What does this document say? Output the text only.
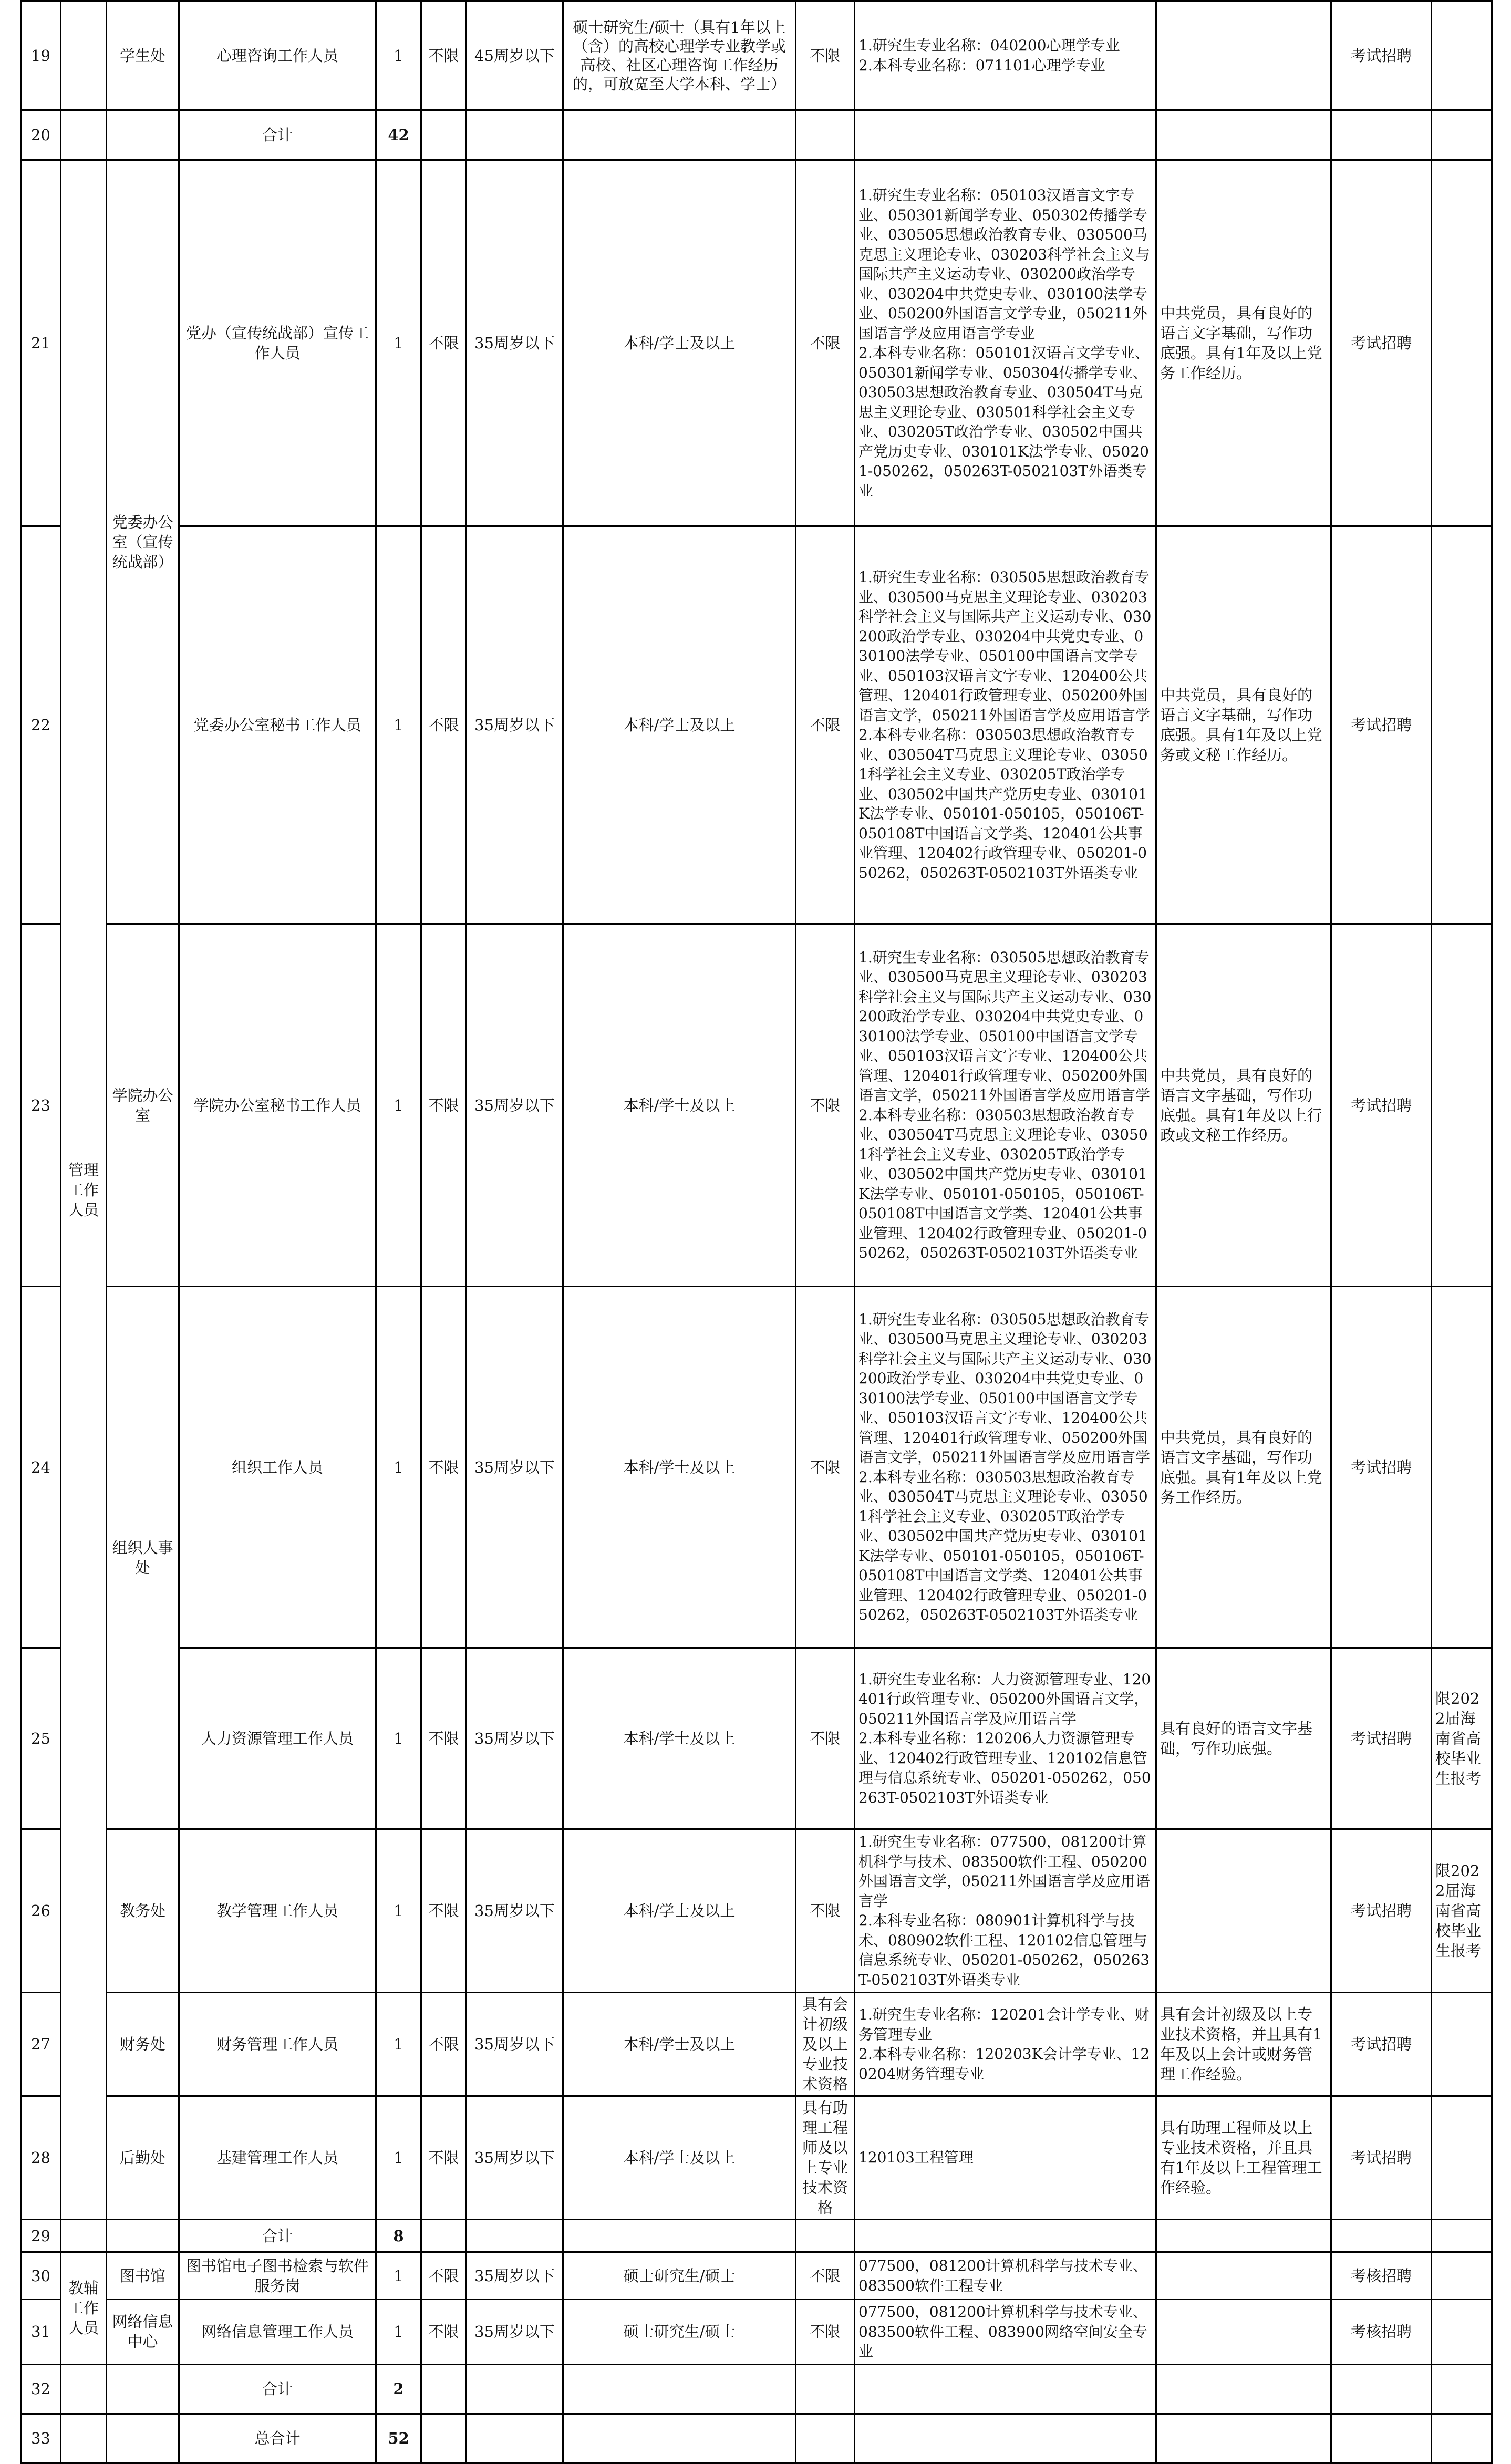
19		学生处	心理咨询工作人员	1	不限	45周岁以下	硕士研究生/硕士（具有1年以上（含）的高校心理学专业教学或高校、社区心理咨询工作经历的，可放宽至大学本科、学士）	不限	1.研究生专业名称：040200心理学专业
2.本科专业名称：071101心理学专业		考试招聘	
20			合计	42								
21	管理工作人员	党委办公室（宣传统战部）	党办（宣传统战部）宣传工作人员	1	不限	35周岁以下	本科/学士及以上	不限	1.研究生专业名称：050103汉语言文字专业、050301新闻学专业、050302传播学专业、030505思想政治教育专业、030500马克思主义理论专业、030203科学社会主义与国际共产主义运动专业、030200政治学专业、030204中共党史专业、030100法学专业、050200外国语言文学专业，050211外国语言学及应用语言学专业
2.本科专业名称：050101汉语言文学专业、050301新闻学专业、050304传播学专业、030503思想政治教育专业、030504T马克思主义理论专业、030501科学社会主义专业、030205T政治学专业、030502中国共产党历史专业、030101K法学专业、050201-050262，050263T-0502103T外语类专业	中共党员，具有良好的语言文字基础，写作功底强。具有1年及以上党务工作经历。	考试招聘	
22			党委办公室秘书工作人员	1	不限	35周岁以下	本科/学士及以上	不限	1.研究生专业名称：030505思想政治教育专业、030500马克思主义理论专业、030203科学社会主义与国际共产主义运动专业、030200政治学专业、030204中共党史专业、030100法学专业、050100中国语言文学专业、050103汉语言文字专业、120400公共管理、120401行政管理专业、050200外国语言文学，050211外国语言学及应用语言学
2.本科专业名称：030503思想政治教育专业、030504T马克思主义理论专业、030501科学社会主义专业、030205T政治学专业、030502中国共产党历史专业、030101K法学专业、050101-050105，050106T-050108T中国语言文学类、120401公共事业管理、120402行政管理专业、050201-050262，050263T-0502103T外语类专业	中共党员，具有良好的语言文字基础，写作功底强。具有1年及以上党务或文秘工作经历。	考试招聘	
23		学院办公室	学院办公室秘书工作人员	1	不限	35周岁以下	本科/学士及以上	不限	1.研究生专业名称：030505思想政治教育专业、030500马克思主义理论专业、030203科学社会主义与国际共产主义运动专业、030200政治学专业、030204中共党史专业、030100法学专业、050100中国语言文学专业、050103汉语言文字专业、120400公共管理、120401行政管理专业、050200外国语言文学，050211外国语言学及应用语言学
2.本科专业名称：030503思想政治教育专业、030504T马克思主义理论专业、030501科学社会主义专业、030205T政治学专业、030502中国共产党历史专业、030101K法学专业、050101-050105，050106T-050108T中国语言文学类、120401公共事业管理、120402行政管理专业、050201-050262，050263T-0502103T外语类专业	中共党员，具有良好的语言文字基础，写作功底强。具有1年及以上行政或文秘工作经历。	考试招聘	
24		组织人事处	组织工作人员	1	不限	35周岁以下	本科/学士及以上	不限	1.研究生专业名称：030505思想政治教育专业、030500马克思主义理论专业、030203科学社会主义与国际共产主义运动专业、030200政治学专业、030204中共党史专业、030100法学专业、050100中国语言文学专业、050103汉语言文字专业、120400公共管理、120401行政管理专业、050200外国语言文学，050211外国语言学及应用语言学
2.本科专业名称：030503思想政治教育专业、030504T马克思主义理论专业、030501科学社会主义专业、030205T政治学专业、030502中国共产党历史专业、030101K法学专业、050101-050105，050106T-050108T中国语言文学类、120401公共事业管理、120402行政管理专业、050201-050262，050263T-0502103T外语类专业	中共党员，具有良好的语言文字基础，写作功底强。具有1年及以上党务工作经历。	考试招聘	
25			人力资源管理工作人员	1	不限	35周岁以下	本科/学士及以上	不限	1.研究生专业名称：人力资源管理专业、120401行政管理专业、050200外国语言文学，050211外国语言学及应用语言学
2.本科专业名称：120206人力资源管理专业、120402行政管理专业、120102信息管理与信息系统专业、050201-050262，050263T-0502103T外语类专业	具有良好的语言文字基础，写作功底强。	考试招聘	限2022届海南省高校毕业生报考
26		教务处	教学管理工作人员	1	不限	35周岁以下	本科/学士及以上	不限	1.研究生专业名称：077500，081200计算机科学与技术、083500软件工程、050200外国语言文学，050211外国语言学及应用语言学
2.本科专业名称：080901计算机科学与技术、080902软件工程、120102信息管理与信息系统专业、050201-050262，050263T-0502103T外语类专业		考试招聘	限2022届海南省高校毕业生报考
27		财务处	财务管理工作人员	1	不限	35周岁以下	本科/学士及以上	具有会计初级及以上专业技术资格	1.研究生专业名称：120201会计学专业、财务管理专业
2.本科专业名称：120203K会计学专业、120204财务管理专业	具有会计初级及以上专业技术资格，并且具有1年及以上会计或财务管理工作经验。	考试招聘	
28		后勤处	基建管理工作人员	1	不限	35周岁以下	本科/学士及以上	具有助理工程师及以上专业技术资格	120103工程管理	具有助理工程师及以上专业技术资格，并且具有1年及以上工程管理工作经验。	考试招聘	
29			合计	8								
30	教辅工作人员	图书馆	图书馆电子图书检索与软件服务岗	1	不限	35周岁以下	硕士研究生/硕士	不限	077500，081200计算机科学与技术专业、083500软件工程专业		考核招聘	
31		网络信息中心	网络信息管理工作人员	1	不限	35周岁以下	硕士研究生/硕士	不限	077500，081200计算机科学与技术专业、083500软件工程、083900网络空间安全专业		考核招聘	
32			合计	2								
33			总合计	52								
